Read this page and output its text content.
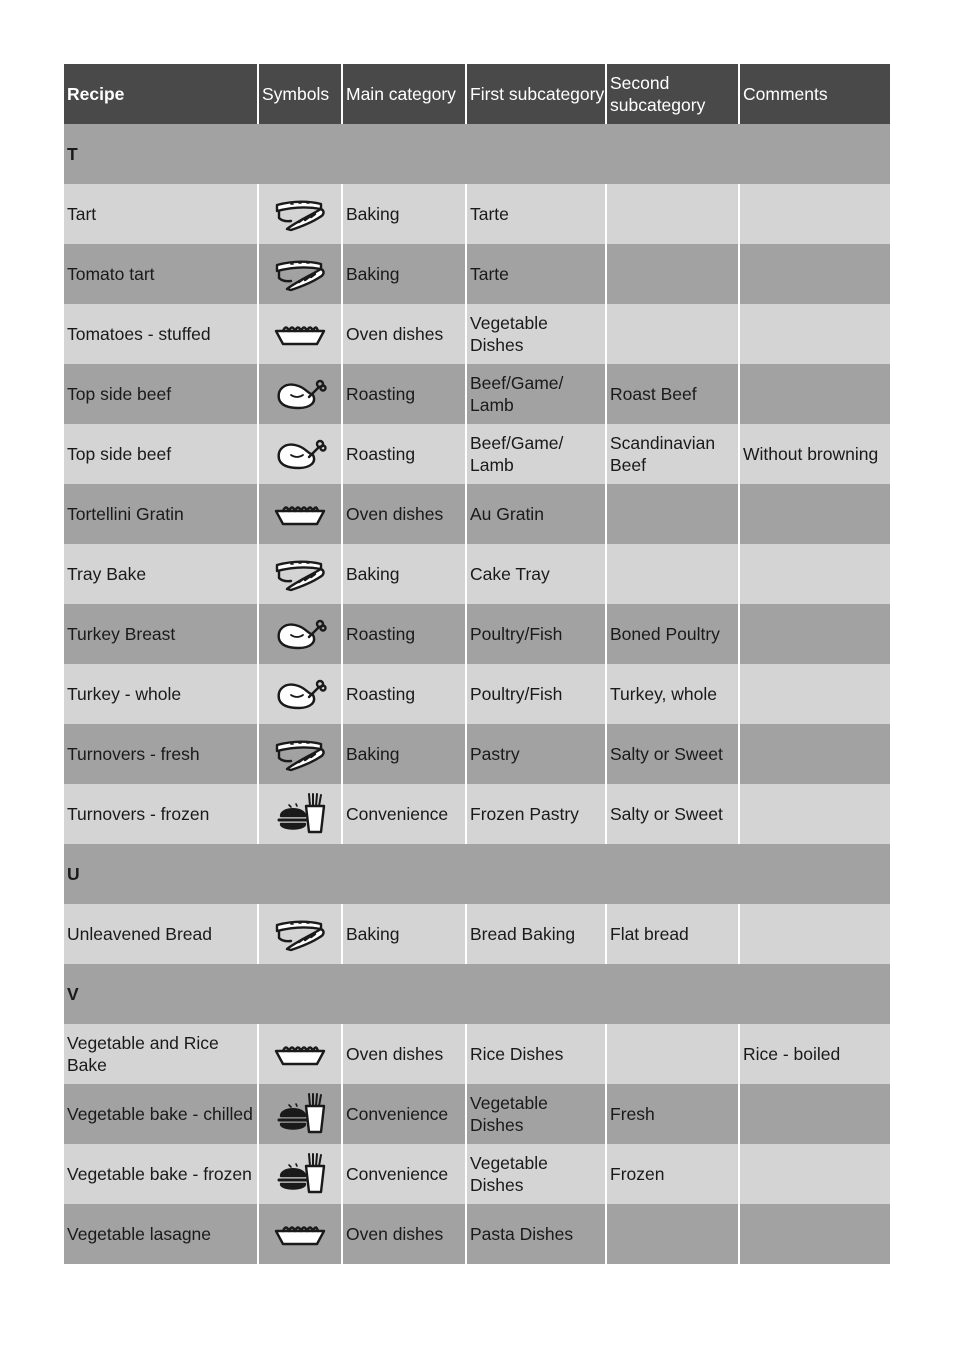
Recipe	Symbols	Main category	First subcategory	Second subcategory	Comments
T					
Tart		Baking	Tarte		
Tomato tart		Baking	Tarte		
Tomatoes - stuffed		Oven dishes	Vegetable Dishes		
Top side beef		Roasting	Beef/Game/ Lamb	Roast Beef	
Top side beef		Roasting	Beef/Game/ Lamb	Scandinavian Beef	Without browning
Tortellini Gratin		Oven dishes	Au Gratin		
Tray Bake		Baking	Cake Tray		
Turkey Breast		Roasting	Poultry/Fish	Boned Poultry	
Turkey - whole		Roasting	Poultry/Fish	Turkey, whole	
Turnovers - fresh		Baking	Pastry	Salty or Sweet	
Turnovers - frozen		Convenience	Frozen Pastry	Salty or Sweet	
U					
Unleavened Bread		Baking	Bread Baking	Flat bread	
V					
Vegetable and Rice Bake		Oven dishes	Rice Dishes		Rice - boiled
Vegetable bake - chilled		Convenience	Vegetable Dishes	Fresh	
Vegetable bake - frozen		Convenience	Vegetable Dishes	Frozen	
Vegetable lasagne		Oven dishes	Pasta Dishes		
